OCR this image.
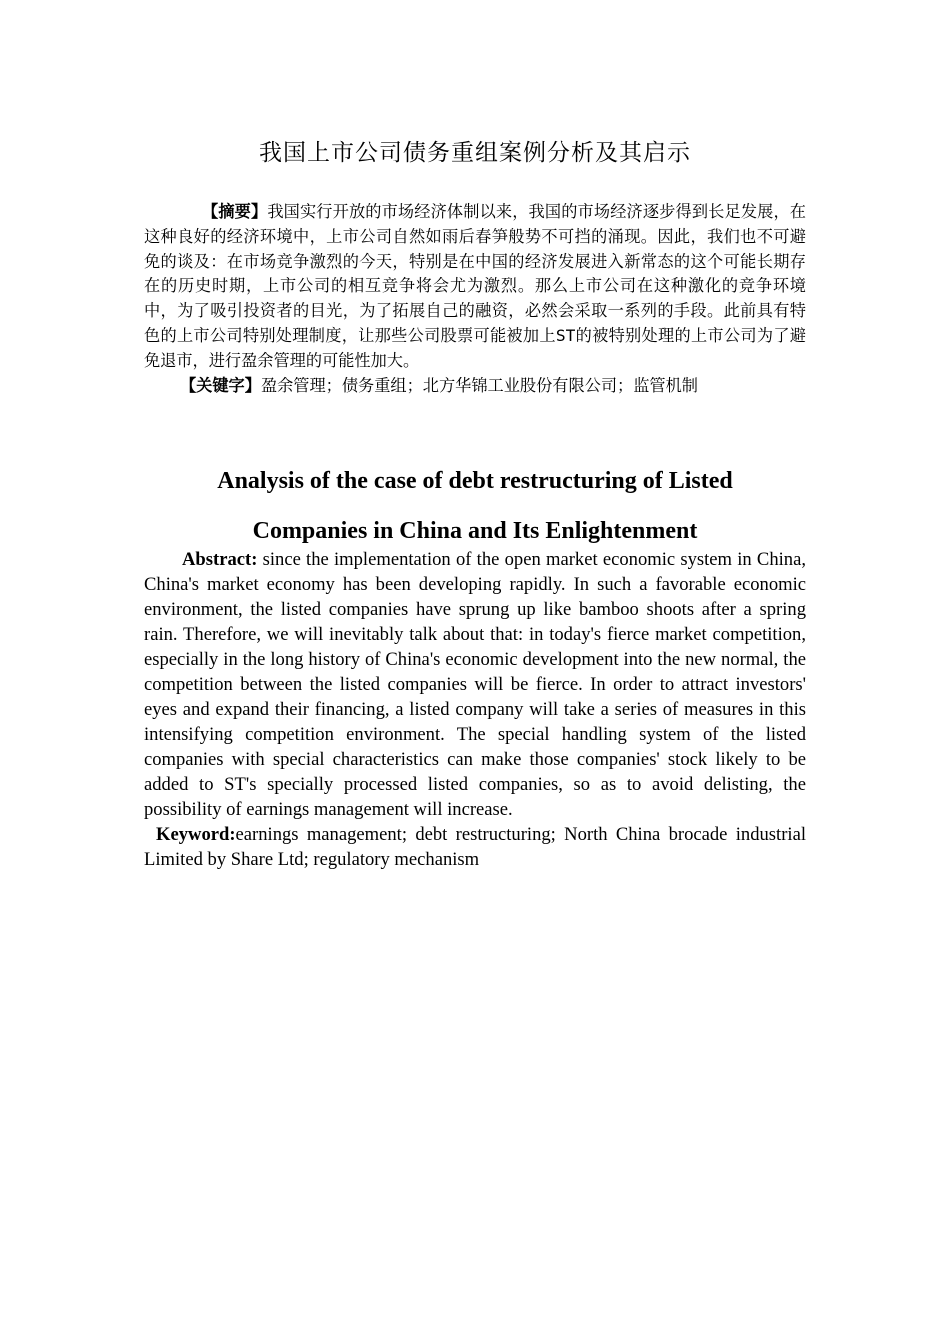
我国上市公司债务重组案例分析及其启示

【摘要】我国实行开放的市场经济体制以来，我国的市场经济逐步得到长足发展，在这种良好的经济环境中，上市公司自然如雨后春笋般势不可挡的涌现。因此，我们也不可避免的谈及：在市场竞争激烈的今天，特别是在中国的经济发展进入新常态的这个可能长期存在的历史时期，上市公司的相互竞争将会尤为激烈。那么上市公司在这种激化的竞争环境中，为了吸引投资者的目光，为了拓展自己的融资，必然会采取一系列的手段。此前具有特色的上市公司特别处理制度，让那些公司股票可能被加上ST的被特别处理的上市公司为了避免退市，进行盈余管理的可能性加大。

【关键字】盈余管理；债务重组；北方华锦工业股份有限公司；监管机制

Analysis of the case of debt restructuring of Listed
Companies in China and Its Enlightenment

Abstract: since the implementation of the open market economic system in China, China's market economy has been developing rapidly. In such a favorable economic environment, the listed companies have sprung up like bamboo shoots after a spring rain. Therefore, we will inevitably talk about that: in today's fierce market competition, especially in the long history of China's economic development into the new normal, the competition between the listed companies will be fierce. In order to attract investors' eyes and expand their financing, a listed company will take a series of measures in this intensifying competition environment. The special handling system of the listed companies with special characteristics can make those companies' stock likely to be added to ST's specially processed listed companies, so as to avoid delisting, the possibility of earnings management will increase.

Keyword:earnings management; debt restructuring; North China brocade industrial Limited by Share Ltd; regulatory mechanism
